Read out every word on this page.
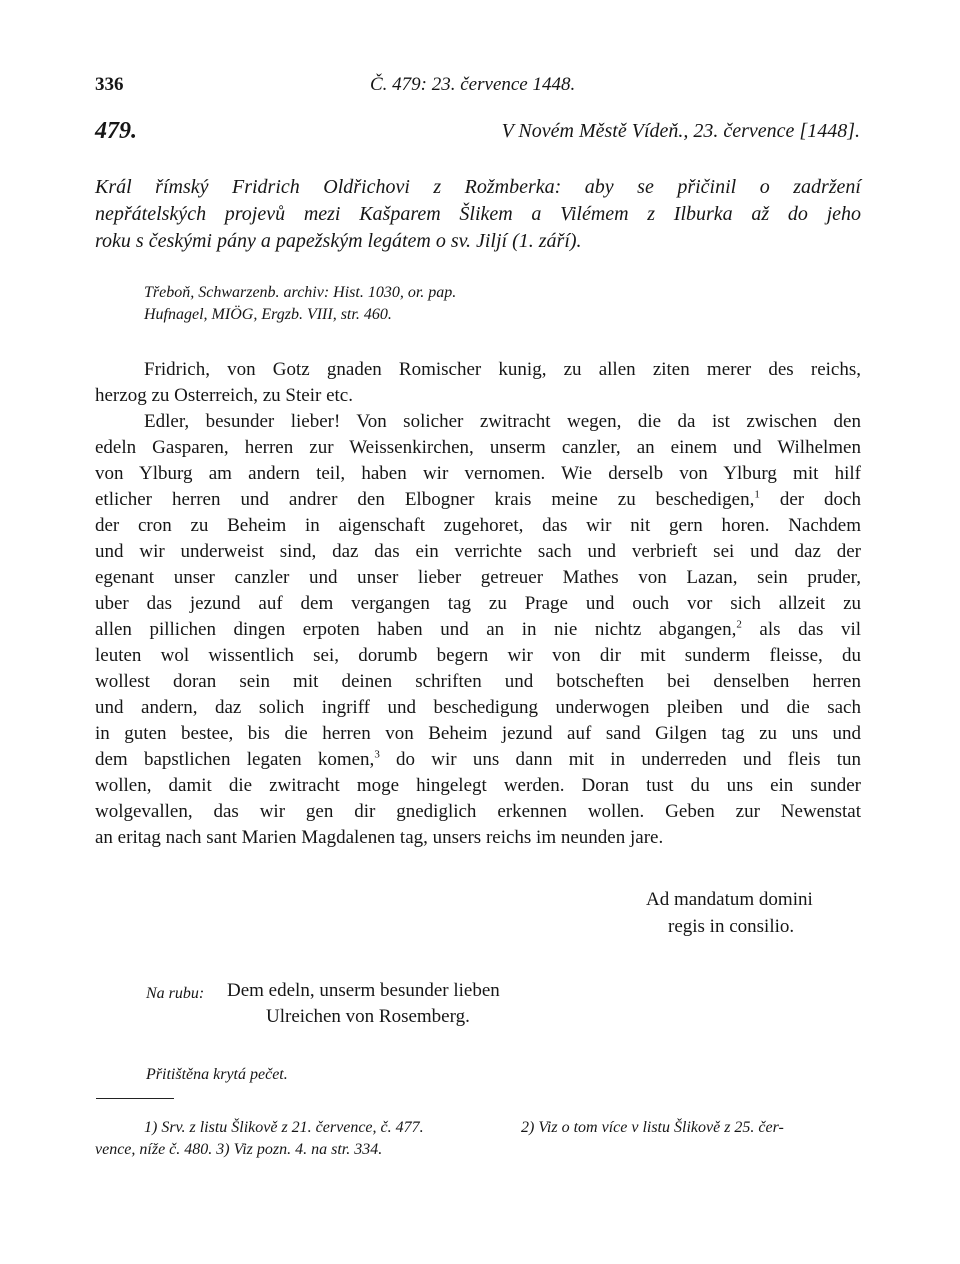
336	Č. 479: 23. července 1448.
479.	V Novém Městě Vídeň., 23. července [1448].
Král římský Fridrich Oldřichovi z Rožmberka: aby se přičinil o zadržení
nepřátelských projevů mezi Kašparem Šlikem a Vilémem z Ilburka až do jeho
roku s českými pány a papežským legátem o sv. Jiljí (1. září).
Třeboň, Schwarzenb. archiv: Hist. 1030, or. pap.
Hufnagel, MIÖG, Ergzb. VIII, str. 460.
Fridrich, von Gotz gnaden Romischer kunig, zu allen ziten merer des reichs,
herzog zu Osterreich, zu Steir etc.
Edler, besunder lieber! Von solicher zwitracht wegen, die da ist zwischen den
edeln Gasparen, herren zur Weissenkirchen, unserm canzler, an einem und Wilhelmen
von Ylburg am andern teil, haben wir vernomen. Wie derselb von Ylburg mit hilf
etlicher herren und andrer den Elbogner krais meine zu beschedigen,$^1$ der doch
der cron zu Beheim in aigenschaft zugehoret, das wir nit gern horen. Nachdem
und wir underweist sind, daz das ein verrichte sach und verbrieft sei und daz der
egenant unser canzler und unser lieber getreuer Mathes von Lazan, sein pruder,
uber das jezund auf dem vergangen tag zu Prage und ouch vor sich allzeit zu
allen pillichen dingen erpoten haben und an in nie nichtz abgangen,$^2$ als das vil
leuten wol wissentlich sei, dorumb begern wir von dir mit sunderm fleisse, du
wollest doran sein mit deinen schriften und botscheften bei denselben herren
und andern, daz solich ingriff und beschedigung underwogen pleiben und die sach
in guten bestee, bis die herren von Beheim jezund auf sand Gilgen tag zu uns und
dem bapstlichen legaten komen,$^3$ do wir uns dann mit in underreden und fleis tun
wollen, damit die zwitracht moge hingelegt werden. Doran tust du uns ein sunder
wolgevallen, das wir gen dir gnediglich erkennen wollen. Geben zur Newenstat
an eritag nach sant Marien Magdalenen tag, unsers reichs im neunden jare.
Ad mandatum domini
regis in consilio.
Na rubu: Dem edeln, unserm besunder lieben
Ulreichen von Rosemberg.
Přitištěna krytá pečet.
1) Srv. z listu Šlikově z 21. července, č. 477.	2) Viz o tom více v listu Šlikově z 25. čer-
vence, níže č. 480. 3) Viz pozn. 4. na str. 334.
